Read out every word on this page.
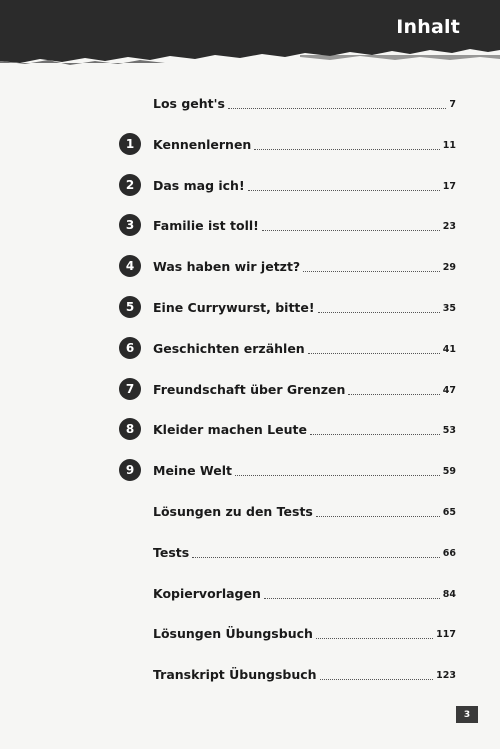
Inhalt
Los geht's	7
1	Kennenlernen	11
2	Das mag ich!	17
3	Familie ist toll!	23
4	Was haben wir jetzt?	29
5	Eine Currywurst, bitte!	35
6	Geschichten erzählen	41
7	Freundschaft über Grenzen	47
8	Kleider machen Leute	53
9	Meine Welt	59
Lösungen zu den Tests	65
Tests	66
Kopiervorlagen	84
Lösungen Übungsbuch	117
Transkript Übungsbuch	123
3
